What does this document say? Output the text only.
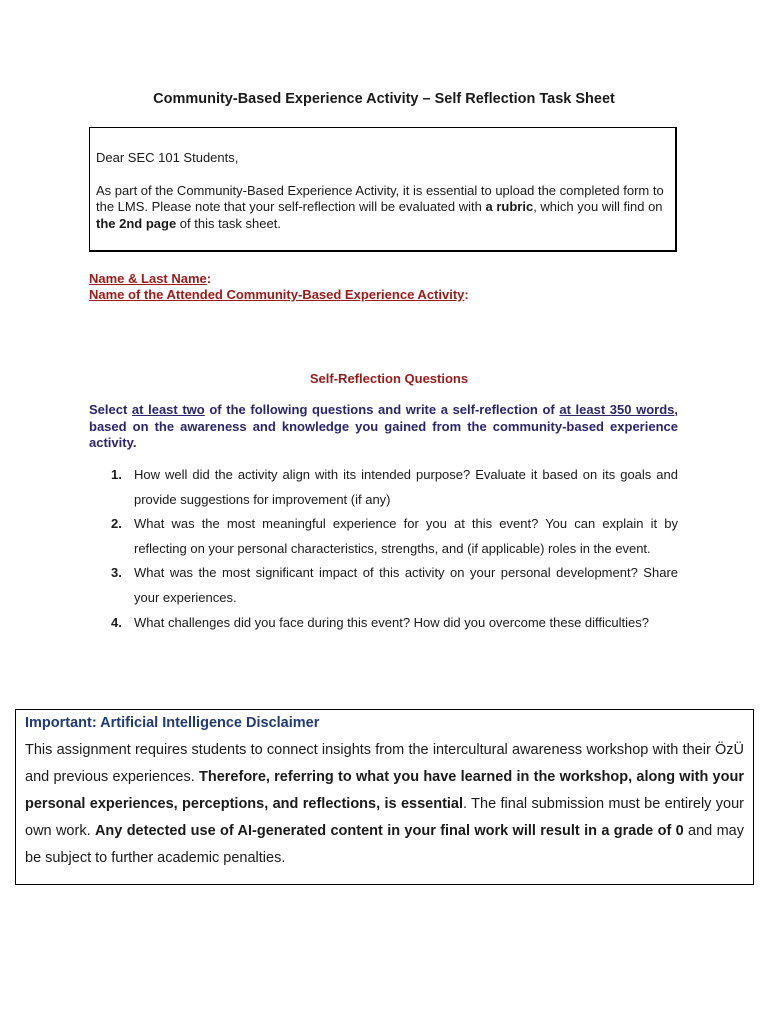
Community-Based Experience Activity – Self Reflection Task Sheet

Dear SEC 101 Students,

As part of the Community-Based Experience Activity, it is essential to upload the completed form to the LMS. Please note that your self-reflection will be evaluated with a rubric, which you will find on the 2nd page of this task sheet.

Name & Last Name:
Name of the Attended Community-Based Experience Activity:
Self-Reflection Questions
Select at least two of the following questions and write a self-reflection of at least 350 words, based on the awareness and knowledge you gained from the community-based experience activity.
1. How well did the activity align with its intended purpose? Evaluate it based on its goals and provide suggestions for improvement (if any)
2. What was the most meaningful experience for you at this event? You can explain it by reflecting on your personal characteristics, strengths, and (if applicable) roles in the event.
3. What was the most significant impact of this activity on your personal development? Share your experiences.
4. What challenges did you face during this event? How did you overcome these difficulties?

Important: Artificial Intelligence Disclaimer

This assignment requires students to connect insights from the intercultural awareness workshop with their ÖzÜ and previous experiences. Therefore, referring to what you have learned in the workshop, along with your personal experiences, perceptions, and reflections, is essential. The final submission must be entirely your own work. Any detected use of AI-generated content in your final work will result in a grade of 0 and may be subject to further academic penalties.
